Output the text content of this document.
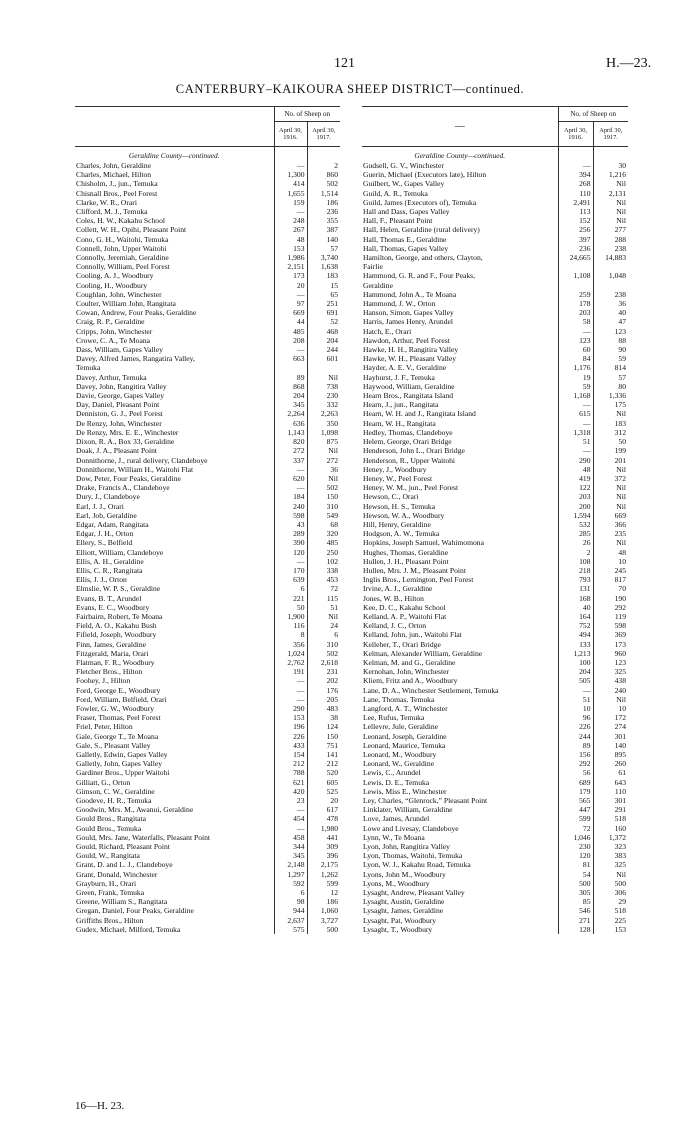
121	H.—23.
CANTERBURY–KAIKOURA SHEEP DISTRICT—continued.
	No. of Sheep on	
	April 30, 1916.	April 30, 1917.
Geraldine County—continued.		
Charles, John, Geraldine	—	2
Charles, Michael, Hilton	1,300	860
Chisholm, J., jun., Temuka	414	502
Chisnall Bros., Peel Forest	1,655	1,514
Clarke, W. R., Orari	159	186
Clifford, M. J., Temuka	—	236
Coles, H. W., Kakahu School	248	355
Collett, W. H., Opihi, Pleasant Point	267	387
Cono, G. H., Waitohi, Temuka	48	140
Connell, John, Upper Waitohi	153	57
Connolly, Jeremiah, Geraldine	1,986	3,740
Connolly, William, Peel Forest	2,151	1,638
Cooling, A. J., Woodbury	173	183
Cooling, H., Woodbury	20	15
Coughlan, John, Winchester	—	65
Coulter, William John, Rangitata	97	251
Cowan, Andrew, Four Peaks, Geraldine	669	691
Craig, R. P., Geraldine	44	52
Cripps, John, Winchester	485	468
Crowe, C. A., Te Moana	208	204
Dass, William, Gapes Valley	—	244
Davey, Alfred James, Rangatira Valley,	663	601
Temuka		
Davey, Arthur, Temuka	89	Nil
Davey, John, Rangitira Valley	868	738
Davie, George, Gapes Valley	204	230
Day, Daniel, Pleasant Point	345	332
Denniston, G. J., Peel Forest	2,264	2,263
De Renzy, John, Winchester	636	350
De Renzy, Mrs. E. E., Winchester	1,143	1,098
Dixon, R. A., Box 33, Geraldine	820	875
Doak, J. A., Pleasant Point	272	Nil
Donnithorne, J., rural delivery, Clandeboye	337	272
Donnithorne, William H., Waitohi Flat	—	36
Dow, Peter, Four Peaks, Geraldine	620	Nil
Drake, Francis A., Clandeboye	—	502
Dury, J., Clandeboye	184	150
Earl, J. J., Orari	240	310
Earl, Job, Geraldine	598	549
Edgar, Adam, Rangitata	43	68
Edgar, J. H., Orton	289	320
Ellery, S., Belfield	390	485
Elliott, William, Clandeboye	120	250
Ellis, A. H., Geraldine	—	102
Ellis, C. R., Rangitata	170	338
Ellis, J. J., Orton	639	453
Elmslie, W. P. S., Geraldine	6	72
Evans, B. T., Arundel	221	115
Evans, E. C., Woodbury	50	51
Fairbairn, Robert, Te Moana	1,900	Nil
Field, A. O., Kakahu Bush	116	24
Fifield, Joseph, Woodbury	8	6
Finn, James, Geraldine	356	310
Fitzgerald, Maria, Orari	1,024	502
Flatman, F. R., Woodbury	2,762	2,618
Fletcher Bros., Hilton	191	231
Foohey, J., Hilton	—	202
Ford, George E., Woodbury	—	176
Ford, William, Belfield, Orari	—	205
Fowler, G. W., Woodbury	290	483
Fraser, Thomas, Peel Forest	153	38
Friel, Peter, Hilton	196	124
Gale, George T., Te Moana	226	150
Gale, S., Pleasant Valley	433	751
Galletly, Edwin, Gapes Valley	154	141
Galletly, John, Gapes Valley	212	212
Gardiner Bros., Upper Waitohi	788	520
Gilliatt, G., Orton	621	605
Gimson, C. W., Geraldine	420	525
Goodeve, H. R., Temuka	23	20
Goodwin, Mrs. M., Awanui, Geraldine	—	617
Gould Bros., Rangitata	454	478
Gould Bros., Temuka	—	1,980
Gould, Mrs. Jane, Waterfalls, Pleasant Point	458	441
Gould, Richard, Pleasant Point	344	309
Gould, W., Rangitata	345	396
Grant, D. and L. J., Clandeboye	2,148	2,175
Grant, Donald, Winchester	1,297	1,262
Grayburn, H., Orari	592	599
Green, Frank, Temuka	6	12
Greene, William S., Rangitata	98	186
Gregan, Daniel, Four Peaks, Geraldine	944	1,060
Griffiths Bros., Hilton	2,637	3,727
Gudex, Michael, Milford, Temuka	575	500
—	No. of Sheep on	
	April 30, 1916.	April 30, 1917.
Geraldine County—continued.		
Gudsell, G. V., Winchester	—	30
Guerin, Michael (Executors late), Hilton	394	1,216
Guilbert, W., Gapes Valley	268	Nil
Guild, A. R., Temuka	110	2,131
Guild, James (Executors of), Temuka	2,491	Nil
Hall and Dass, Gapes Valley	113	Nil
Hall, F., Pleasant Point	152	Nil
Hall, Helen, Geraldine (rural delivery)	256	277
Hall, Thomas E., Geraldine	397	288
Hall, Thomas, Gapes Valley	236	238
Hamilton, George, and others, Clayton,	24,665	14,883
Fairlie		
Hammond, G. R. and F., Four Peaks,	1,108	1,048
Geraldine		
Hammond, John A., Te Moana	259	238
Hammond, J. W., Orton	178	36
Hanson, Simon, Gapes Valley	203	40
Harris, James Henry, Arundel	58	47
Hatch, E., Orari	—	123
Hawdon, Arthur, Peel Forest	123	88
Hawke, H. H., Rangitira Valley	60	90
Hawke, W. H., Pleasant Valley	84	59
Hayder, A. E. V., Geraldine	1,176	814
Hayhurst, J. F., Temuka	19	57
Haywood, William, Geraldine	59	80
Hearn Bros., Rangitata Island	1,168	1,336
Hearn, J., jun., Rangitata	—	175
Hearn, W. H. and J., Rangitata Island	615	Nil
Hearn, W. H., Rangitata	—	183
Hedley, Thomas, Clandeboye	1,318	312
Helem, George, Orari Bridge	51	50
Henderson, John L., Orari Bridge	—	199
Henderson, R., Upper Waitohi	290	201
Heney, J., Woodbury	48	Nil
Heney, W., Peel Forest	419	372
Heney, W. M., jun., Peel Forest	122	Nil
Hewson, C., Orari	203	Nil
Hewson, H. S., Temuka	200	Nil
Hewson, W. A., Woodbury	1,594	669
Hill, Henry, Geraldine	532	366
Hodgson, A. W., Temuka	285	235
Hopkins, Joseph Samuel, Wahimomona	26	Nil
Hughes, Thomas, Geraldine	2	48
Hullen, J. H., Pleasant Point	108	10
Hullen, Mrs. J. M., Pleasant Point	218	245
Inglis Bros., Lemington, Peel Forest	793	817
Irvine, A. J., Geraldine	131	70
Jones, W. B., Hilton	168	190
Kee, D. C., Kakahu School	40	292
Kelland, A. P., Waitohi Flat	164	119
Kelland, J. C., Orton	752	598
Kelland, John, jun., Waitohi Flat	494	369
Kelleher, T., Orari Bridge	133	173
Kelman, Alexander William, Geraldine	1,213	960
Kelman, M. and G., Geraldine	100	123
Kernohan, John, Winchester	204	325
Kliem, Fritz and A., Woodbury	505	438
Lane, D. A., Winchester Settlement, Temuka	—	240
Lane, Thomas, Temuka	51	Nil
Langford, A. T., Winchester	10	10
Lee, Rufus, Temuka	96	172
Lellevre, Jule, Geraldine	226	274
Leonard, Joseph, Geraldine	244	301
Leonard, Maurice, Temuka	89	140
Leonard, M., Woodbury	156	895
Leonard, W., Geraldine	292	260
Lewis, C., Arundel	56	61
Lewis, D. E., Temuka	689	643
Lewis, Miss E., Winchester	179	110
Ley, Charles, “Glenrock,” Pleasant Point	565	301
Linklater, William, Geraldine	447	291
Love, James, Arundel	599	518
Lowe and Livesay, Clandeboye	72	160
Lynn, W., Te Moana	1,046	1,372
Lyon, John, Rangitira Valley	230	323
Lyon, Thomas, Waitohi, Temuka	120	383
Lyon, W. J., Kakahu Road, Temuka	81	325
Lyons, John M., Woodbury	54	Nil
Lyons, M., Woodbury	500	500
Lysaght, Andrew, Pleasant Valley	305	306
Lysaght, Austin, Geraldine	85	29
Lysaght, James, Geraldine	546	518
Lysaght, Pat, Woodbury	271	225
Lysaght, T., Woodbury	128	153
16—H. 23.
